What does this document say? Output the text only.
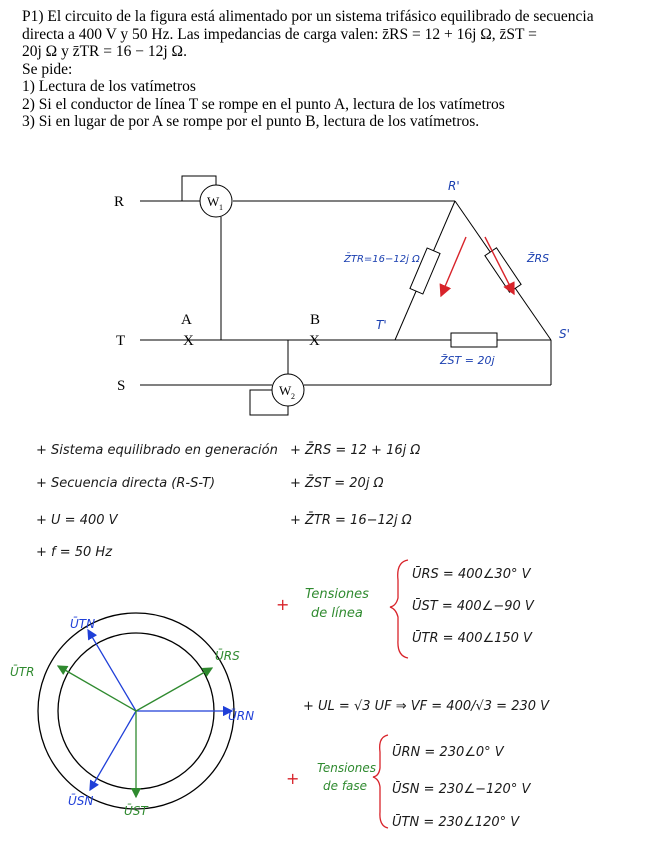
P1) El circuito de la figura está alimentado por un sistema trifásico equilibrado de secuencia

directa a 400 V y 50 Hz. Las impedancias de carga valen: z̄RS = 12 + 16j Ω, z̄ST =

20j Ω y z̄TR = 16 − 12j Ω.

Se pide:

1) Lectura de los vatímetros

2) Si el conductor de línea T se rompe en el punto A, lectura de los vatímetros

3) Si en lugar de por A se rompe por el punto B, lectura de los vatímetros.

R
T
S
A	B
X	X
W 1
W 2
R'
S'
T'
Z̄TR=16−12j Ω	Z̄RS
Z̄ST = 20j
+ Sistema equilibrado en generación
+ Secuencia directa (R-S-T)
+ U = 400 V
+ f = 50 Hz
+ Z̄RS = 12 + 16j Ω
+ Z̄ST = 20j Ω
+ Z̄TR = 16−12j Ω
+
Tensiones
de línea
ŪRS = 400∠30° V
ŪST = 400∠−90 V
ŪTR = 400∠150 V
+ UL = √3 UF ⇒ VF = 400/√3 = 230 V
+
Tensiones
de fase
ŪRN = 230∠0° V
ŪSN = 230∠−120° V
ŪTN = 230∠120° V
ŪTN
ŪRS
ŪTR
ŪRN
ŪSN
ŪST
